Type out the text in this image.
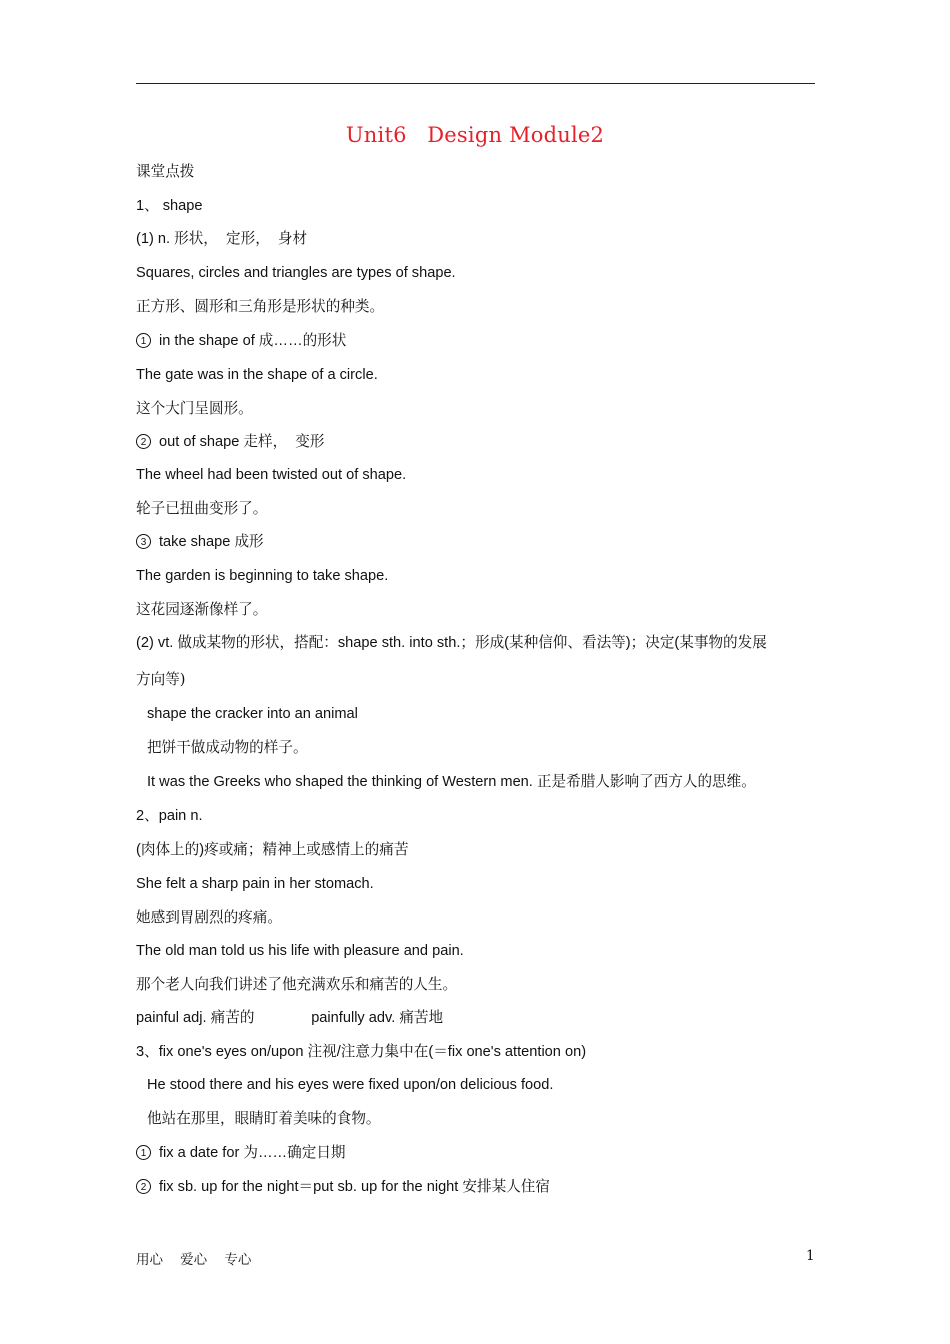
Unit6   Design Module2
课堂点拨
1、 shape
(1) n. 形状，  定形，  身材
Squares, circles and triangles are types of shape.
正方形、圆形和三角形是形状的种类。
1 in the shape of 成……的形状
The gate was in the shape of a circle.
这个大门呈圆形。
2 out of shape 走样，  变形
The wheel had been twisted out of shape.
轮子已扭曲变形了。
3 take shape 成形
The garden is beginning to take shape.
这花园逐渐像样了。
(2) vt. 做成某物的形状，搭配：shape sth. into sth.；形成(某种信仰、看法等)；决定(某事物的发展
方向等)
shape the cracker into an animal
把饼干做成动物的样子。
It was the Greeks who shaped the thinking of Western men. 正是希腊人影响了西方人的思维。
2、pain n.
(肉体上的)疼或痛；精神上或感情上的痛苦
She felt a sharp pain in her stomach.
她感到胃剧烈的疼痛。
The old man told us his life with pleasure and pain.
那个老人向我们讲述了他充满欢乐和痛苦的人生。
painful adj. 痛苦的              painfully adv. 痛苦地
3、fix one's eyes on/upon 注视/注意力集中在(＝fix one's attention on)
He stood there and his eyes were fixed upon/on delicious food.
他站在那里，眼睛盯着美味的食物。
1 fix a date for 为……确定日期
2 fix sb. up for the night＝put sb. up for the night 安排某人住宿
用心    爱心    专心	1
